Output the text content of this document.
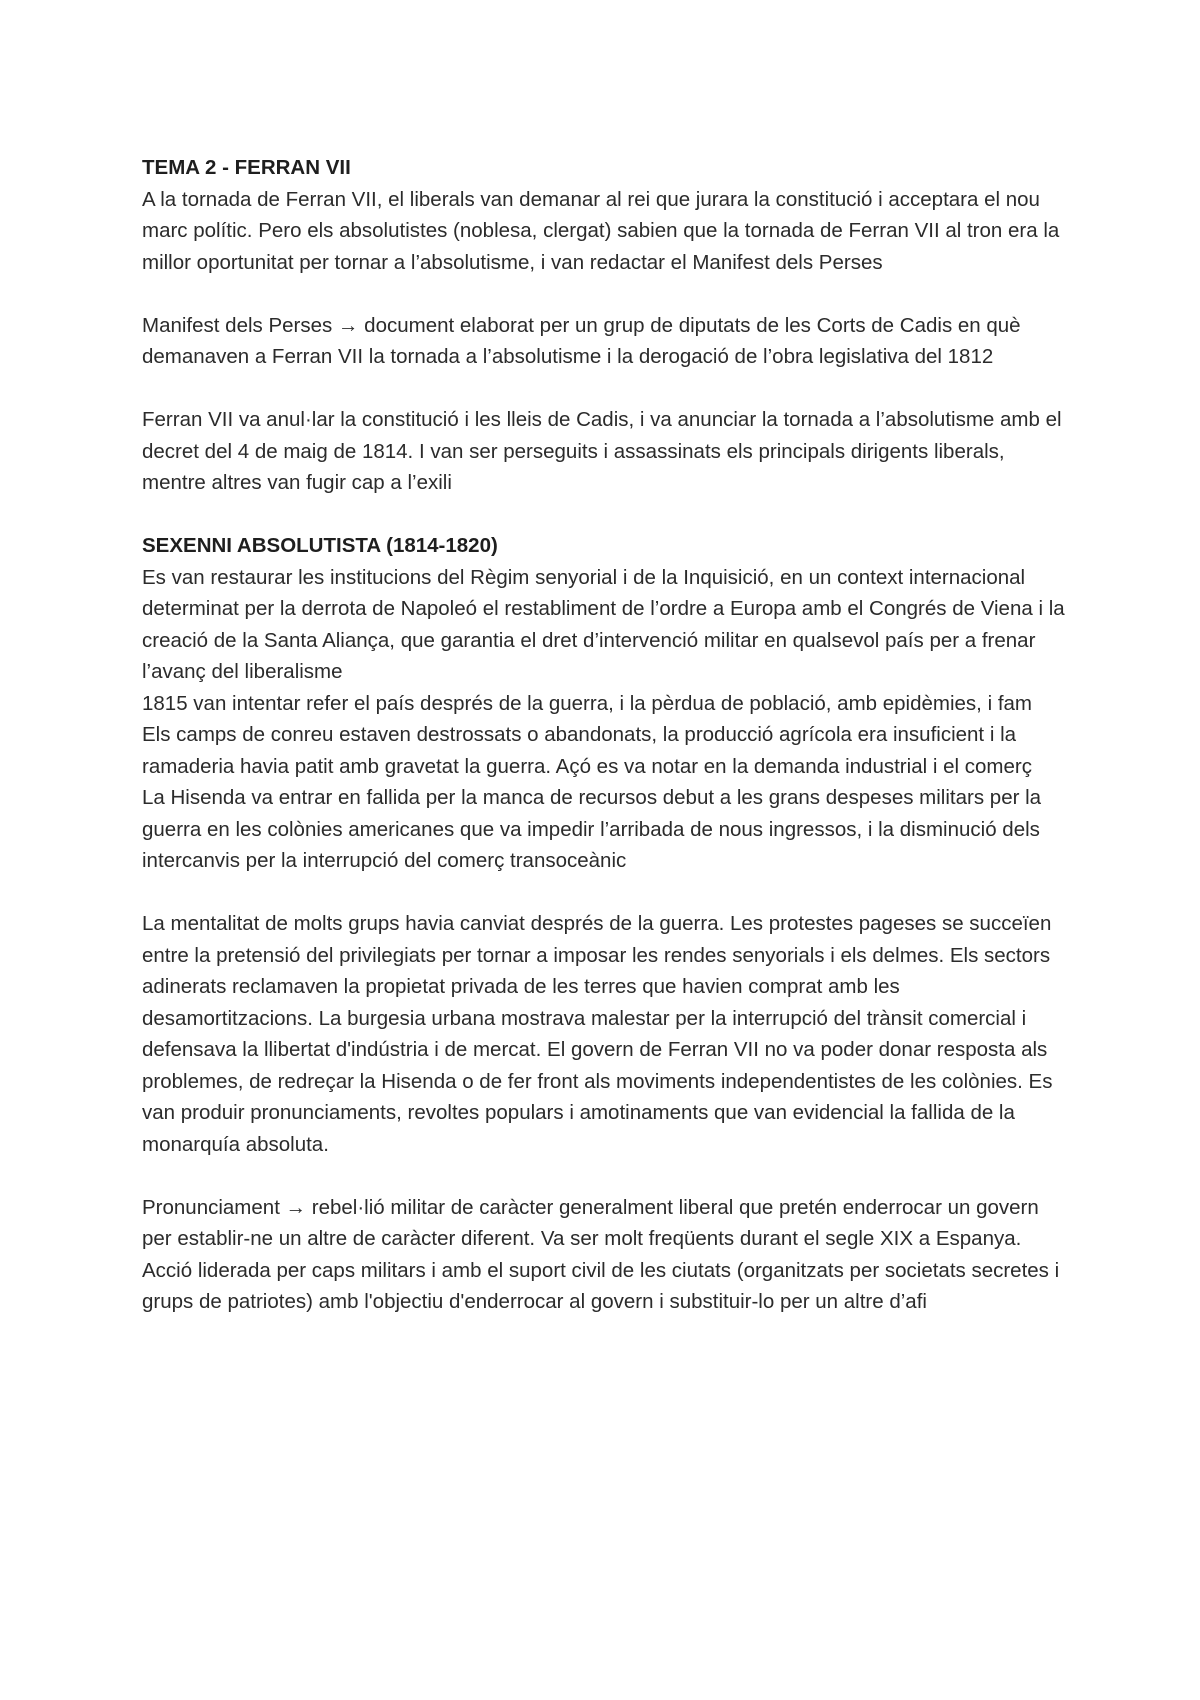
TEMA 2 - FERRAN VII

A la tornada de Ferran VII, el liberals van demanar al rei que jurara la constitució i acceptara el nou marc polític. Pero els absolutistes (noblesa, clergat) sabien que la tornada de Ferran VII al tron era la millor oportunitat per tornar a l’absolutisme, i van redactar el Manifest dels Perses

Manifest dels Perses → document elaborat per un grup de diputats de les Corts de Cadis en què demanaven a Ferran VII la tornada a l’absolutisme i la derogació de l’obra legislativa del 1812

Ferran VII va anul·lar la constitució i les lleis de Cadis, i va anunciar la tornada a l’absolutisme amb el decret del 4 de maig de 1814. I van ser perseguits i assassinats els principals dirigents liberals, mentre altres van fugir cap a l’exili

SEXENNI ABSOLUTISTA (1814-1820)

Es van restaurar les institucions del Règim senyorial i de la Inquisició, en un context internacional determinat per la derrota de Napoleó el restabliment de l’ordre a Europa amb el Congrés de Viena i la creació de la Santa Aliança, que garantia el dret d’intervenció militar en qualsevol país per a frenar l’avanç del liberalisme

1815 van intentar refer el país després de la guerra, i la pèrdua de població, amb epidèmies, i fam

Els camps de conreu estaven destrossats o abandonats, la producció agrícola era insuficient i la ramaderia havia patit amb gravetat la guerra. Açó es va notar en la demanda industrial i el comerç

La Hisenda va entrar en fallida per la manca de recursos debut a les grans despeses militars per la guerra en les colònies americanes que va impedir l’arribada de nous ingressos, i la disminució dels intercanvis per la interrupció del comerç transoceànic

La mentalitat de molts grups havia canviat després de la guerra. Les protestes pageses se succeïen entre la pretensió del privilegiats per tornar a imposar les rendes senyorials i els delmes. Els sectors adinerats reclamaven la propietat privada de les terres que havien comprat amb les desamortitzacions. La burgesia urbana mostrava malestar per la interrupció del trànsit comercial i defensava la llibertat d'indústria i de mercat. El govern de Ferran VII no va poder donar resposta als problemes, de redreçar la Hisenda o de fer front als moviments independentistes de les colònies. Es van produir pronunciaments, revoltes populars i amotinaments que van evidencial la fallida de la monarquía absoluta.

Pronunciament → rebel·lió militar de caràcter generalment liberal que pretén enderrocar un govern per establir-ne un altre de caràcter diferent. Va ser molt freqüents durant el segle XIX a Espanya. Acció liderada per caps militars i amb el suport civil de les ciutats (organitzats per societats secretes i grups de patriotes) amb l'objectiu d'enderrocar al govern i substituir-lo per un altre d’afi
